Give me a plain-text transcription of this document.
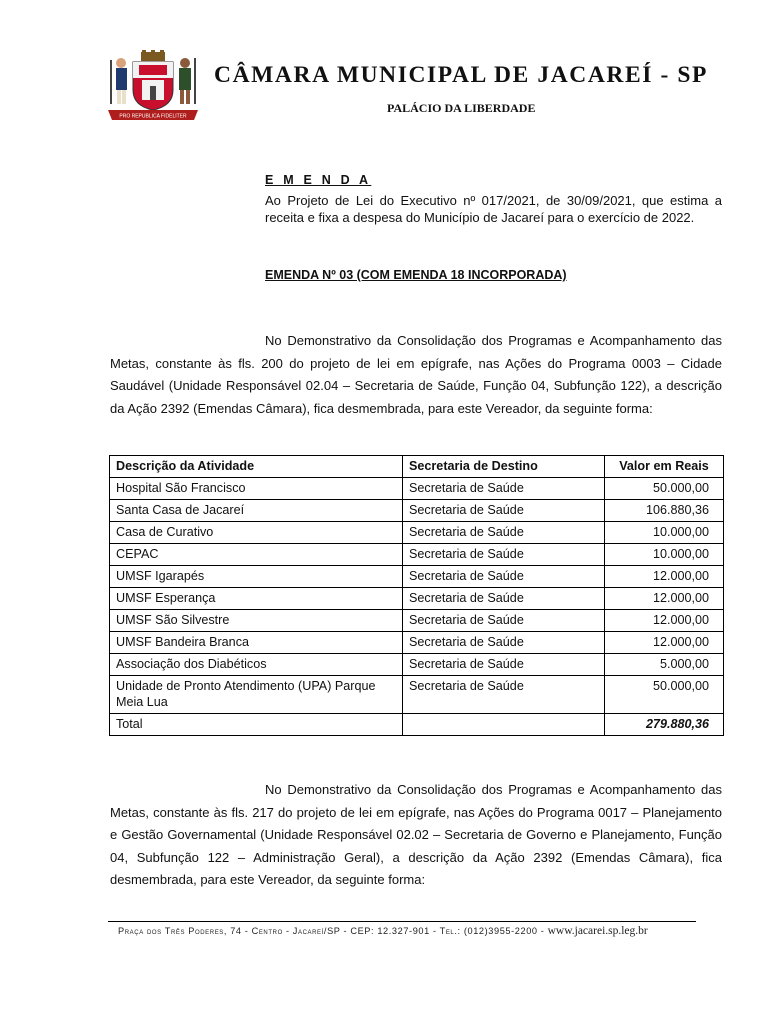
PRO REPUBLICA FIDELITER
CÂMARA MUNICIPAL DE JACAREÍ - SP
PALÁCIO DA LIBERDADE
E M E N D A
Ao Projeto de Lei do Executivo nº 017/2021, de 30/09/2021, que estima a receita e fixa a despesa do Município de Jacareí para o exercício de 2022.
EMENDA Nº 03 (COM EMENDA 18 INCORPORADA)
No Demonstrativo da Consolidação dos Programas e Acompanhamento das Metas, constante às fls. 200 do projeto de lei em epígrafe, nas Ações do Programa 0003 – Cidade Saudável (Unidade Responsável 02.04 – Secretaria de Saúde, Função 04, Subfunção 122), a descrição da Ação 2392 (Emendas Câmara), fica desmembrada, para este Vereador, da seguinte forma:
Descrição da Atividade	Secretaria de Destino	Valor em Reais
Hospital São Francisco	Secretaria de Saúde	50.000,00
Santa Casa de Jacareí	Secretaria de Saúde	106.880,36
Casa de Curativo	Secretaria de Saúde	10.000,00
CEPAC	Secretaria de Saúde	10.000,00
UMSF Igarapés	Secretaria de Saúde	12.000,00
UMSF Esperança	Secretaria de Saúde	12.000,00
UMSF São Silvestre	Secretaria de Saúde	12.000,00
UMSF Bandeira Branca	Secretaria de Saúde	12.000,00
Associação dos Diabéticos	Secretaria de Saúde	5.000,00
Unidade de Pronto Atendimento (UPA) Parque Meia Lua	Secretaria de Saúde	50.000,00
Total		279.880,36
No Demonstrativo da Consolidação dos Programas e Acompanhamento das Metas, constante às fls. 217 do projeto de lei em epígrafe, nas Ações do Programa 0017 – Planejamento e Gestão Governamental (Unidade Responsável 02.02 – Secretaria de Governo e Planejamento, Função 04, Subfunção 122 – Administração Geral), a descrição da Ação 2392 (Emendas Câmara), fica desmembrada, para este Vereador, da seguinte forma:
Praça dos Três Poderes, 74 - Centro - Jacareí/SP - CEP: 12.327-901 - Tel.: (012)3955-2200 - www.jacarei.sp.leg.br
